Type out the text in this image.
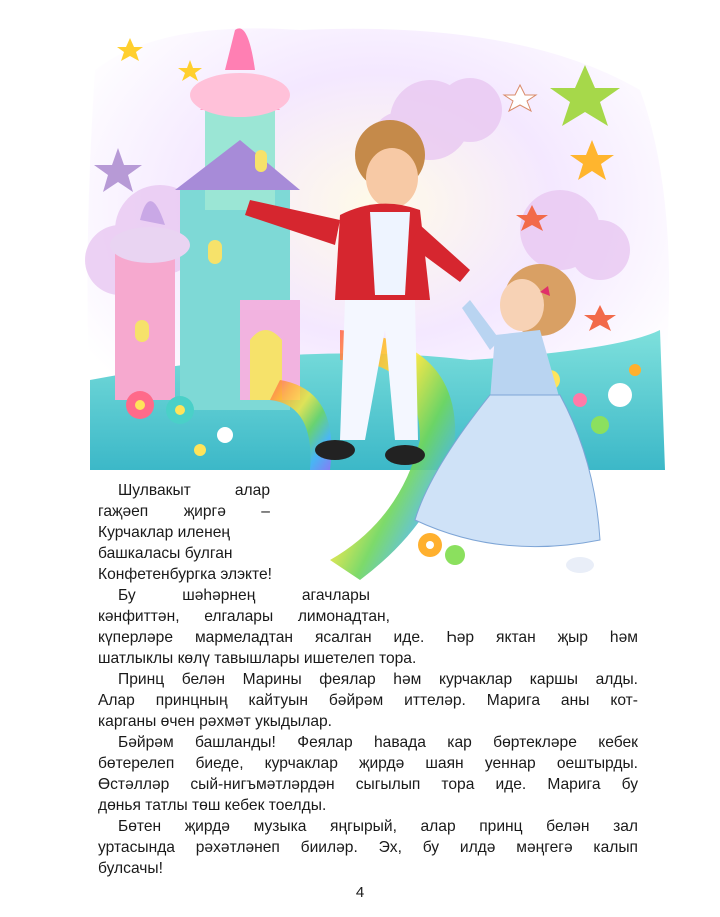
Шулвакыт алар
гаҗәеп җиргә –
Курчаклар иленең
башкаласы булган
Конфетенбургка элэкте!

Бу шәһәрнең агачлары
кәнфиттән, елгалары лимонадтан,
күперләре мармеладтан ясалган иде. Һәр яктан җыр һәм
шатлыклы көлү тавышлары ишетелеп тора.

Принц белән Марины феялар һәм курчаклар каршы алды.
Алар принцның кайтуын бәйрәм иттеләр. Марига аны кот-
карганы өчен рәхмәт укыдылар.

Бәйрәм башланды! Феялар һавада кар бөртекләре кебек
бөтерелеп биеде, курчаклар җирдә шаян уеннар оештырды.
Өстәлләр сый-нигъмәтләрдән сыгылып тора иде. Марига бу
дөнья татлы төш кебек тоелды.

Бөтен җирдә музыка яңгырый, алар принц белән зал
уртасында рәхәтләнеп бииләр. Эх, бу илдә мәңгегә калып
булсачы!

4
